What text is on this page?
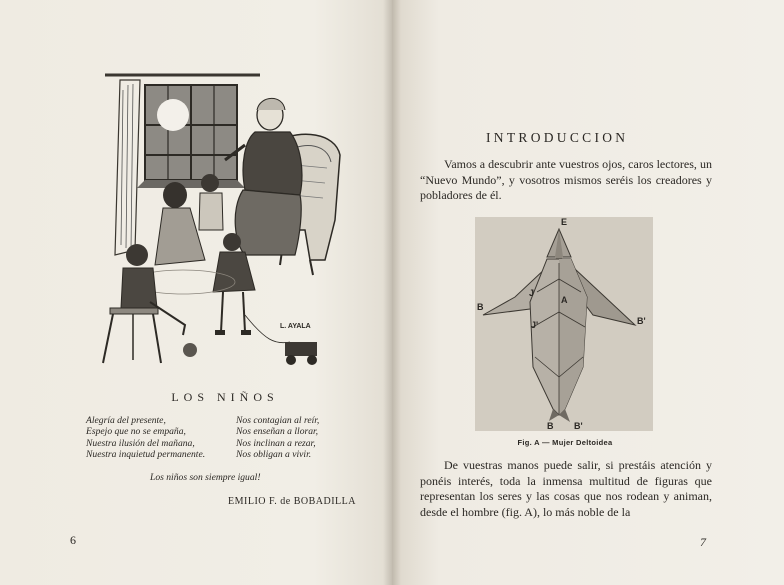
L. AYALA
LOS NIÑOS
Alegría del presente,
Espejo que no se empaña,
Nuestra ilusión del mañana,
Nuestra inquietud permanente.
Nos contagian al reír,
Nos enseñan a llorar,
Nos inclinan a rezar,
Nos obligan a vivir.
Los niños son siempre igual!
EMILIO F. de BOBADILLA
6
INTRODUCCION
Vamos a descubrir ante vuestros ojos, caros lectores, un “Nuevo Mundo”, y vosotros mismos seréis los creadores y pobladores de él.
E
B
B'
J
A
J'
B B'
Fig. A — Mujer Deltoidea
De vuestras manos puede salir, si prestáis atención y ponéis interés, toda la inmensa multitud de figuras que representan los seres y las cosas que nos rodean y animan, desde el hombre (fig. A), lo más noble de la
7
